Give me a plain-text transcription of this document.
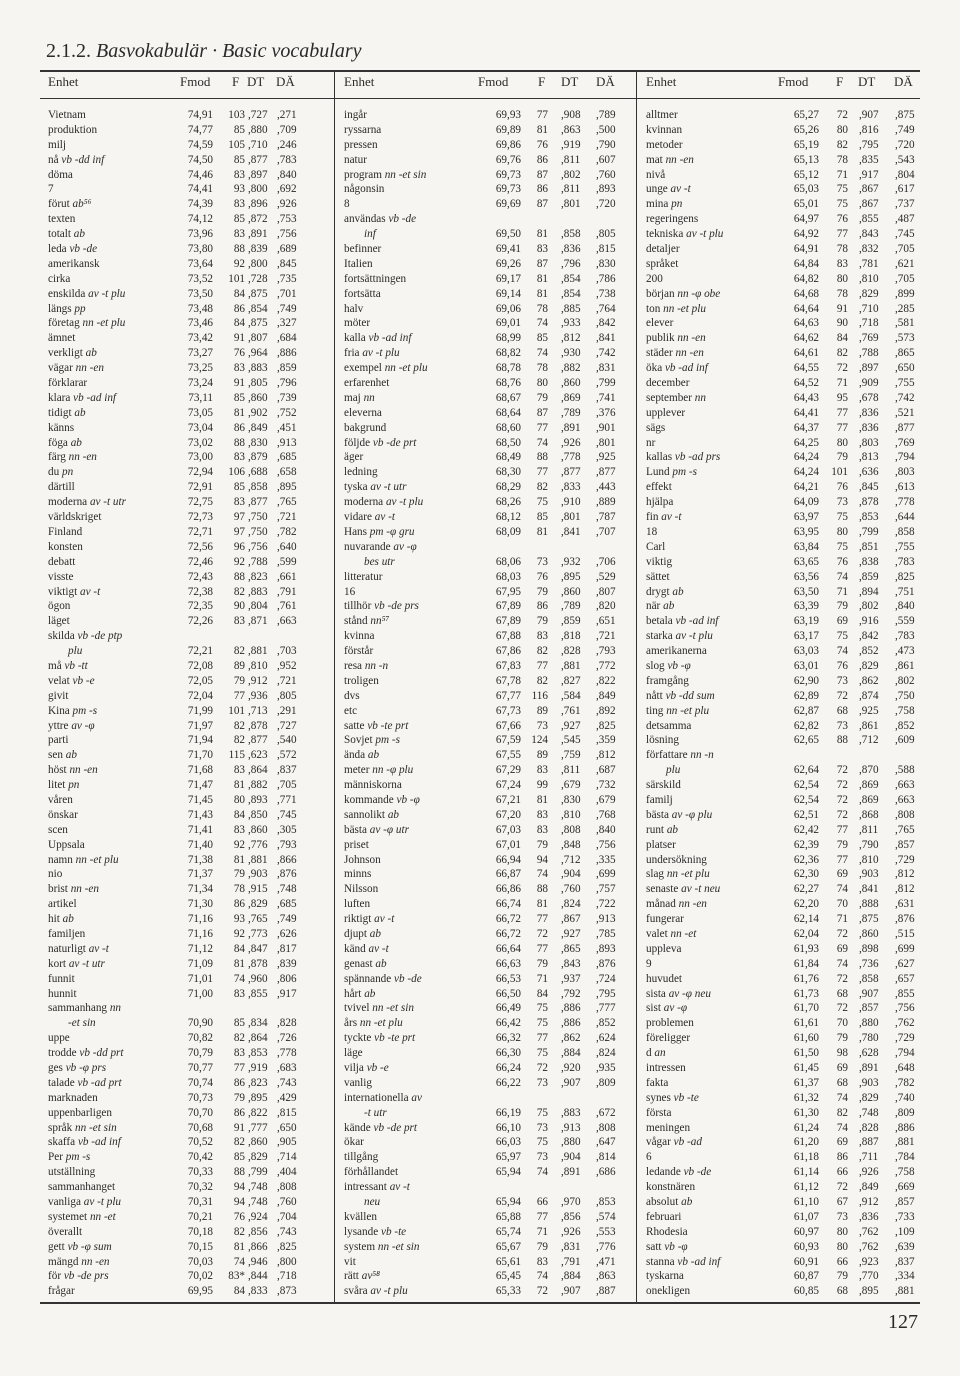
2.1.2. Basvokabulär · Basic vocabulary
Enhet	Fmod F DT DÄ
Vietnam	74,91	103 ,727 ,271
produktion	74,77	85 ,880 ,709
milj	74,59	105 ,710 ,246
nå vb -dd inf	74,50	85 ,877 ,783
döma	74,46	83 ,897 ,840
7	74,41	93 ,800 ,692
förut ab⁵⁶	74,39	83 ,896 ,926
texten	74,12	85 ,872 ,753
totalt ab	73,96	83 ,891 ,756
leda vb -de	73,80	88 ,839 ,689
amerikansk	73,64	92 ,800 ,845
cirka	73,52	101 ,728 ,735
enskilda av -t plu	73,50	84 ,875 ,701
längs pp	73,48	86 ,854 ,749
företag nn -et plu	73,46	84 ,875 ,327
ämnet	73,42	91 ,807 ,684
verkligt ab	73,27	76 ,964 ,886
vägar nn -en	73,25	83 ,883 ,859
förklarar	73,24	91 ,805 ,796
klara vb -ad inf	73,11	85 ,860 ,739
tidigt ab	73,05	81 ,902 ,752
känns	73,04	86 ,849 ,451
föga ab	73,02	88 ,830 ,913
färg nn -en	73,00	83 ,879 ,685
du pn	72,94	106 ,688 ,658
därtill	72,91	85 ,858 ,895
moderna av -t utr	72,75	83 ,877 ,765
världskriget	72,73	97 ,750 ,721
Finland	72,71	97 ,750 ,782
konsten	72,56	96 ,756 ,640
debatt	72,46	92 ,788 ,599
visste	72,43	88 ,823 ,661
viktigt av -t	72,38	82 ,883 ,791
ögon	72,35	90 ,804 ,761
läget	72,26	83 ,871 ,663
skilda vb -de ptp
plu	72,21	82 ,881 ,703
må vb -tt	72,08	89 ,810 ,952
velat vb -e	72,05	79 ,912 ,721
givit	72,04	77 ,936 ,805
Kina pm -s	71,99	101 ,713 ,291
yttre av -φ	71,97	82 ,878 ,727
parti	71,94	82 ,877 ,540
sen ab	71,70	115 ,623 ,572
höst nn -en	71,68	83 ,864 ,837
litet pn	71,47	81 ,882 ,705
våren	71,45	80 ,893 ,771
önskar	71,43	84 ,850 ,745
scen	71,41	83 ,860 ,305
Uppsala	71,40	92 ,776 ,793
namn nn -et plu	71,38	81 ,881 ,866
nio	71,37	79 ,903 ,876
brist nn -en	71,34	78 ,915 ,748
artikel	71,30	86 ,829 ,685
hit ab	71,16	93 ,765 ,749
familjen	71,16	92 ,773 ,626
naturligt av -t	71,12	84 ,847 ,817
kort av -t utr	71,09	81 ,878 ,839
funnit	71,01	74 ,960 ,806
hunnit	71,00	83 ,855 ,917
sammanhang nn
-et sin	70,90	85 ,834 ,828
uppe	70,82	82 ,864 ,726
trodde vb -dd prt	70,79	83 ,853 ,778
ges vb -φ prs	70,77	77 ,919 ,683
talade vb -ad prt	70,74	86 ,823 ,743
marknaden	70,73	79 ,895 ,429
uppenbarligen	70,70	86 ,822 ,815
språk nn -et sin	70,68	91 ,777 ,650
skaffa vb -ad inf	70,52	82 ,860 ,905
Per pm -s	70,42	85 ,829 ,714
utställning	70,33	88 ,799 ,404
sammanhanget	70,32	94 ,748 ,808
vanliga av -t plu	70,31	94 ,748 ,760
systemet nn -et	70,21	76 ,924 ,704
överallt	70,18	82 ,856 ,743
gett vb -φ sum	70,15	81 ,866 ,825
mängd nn -en	70,03	74 ,946 ,800
för vb -de prs	70,02	83* ,844 ,718
frågar	69,95	84 ,833 ,873
Enhet	Fmod F DT DÄ
ingår	69,93	77 ,908 ,789
ryssarna	69,89	81 ,863 ,500
pressen	69,86	76 ,919 ,790
natur	69,76	86 ,811 ,607
program nn -et sin	69,73	87 ,802 ,760
någonsin	69,73	86 ,811 ,893
8	69,69	87 ,801 ,720
användas vb -de
inf	69,50	81 ,858 ,805
befinner	69,41	83 ,836 ,815
Italien	69,26	87 ,796 ,830
fortsättningen	69,17	81 ,854 ,786
fortsätta	69,14	81 ,854 ,738
halv	69,06	78 ,885 ,764
möter	69,01	74 ,933 ,842
kalla vb -ad inf	68,99	85 ,812 ,841
fria av -t plu	68,82	74 ,930 ,742
exempel nn -et plu	68,78	78 ,882 ,831
erfarenhet	68,76	80 ,860 ,799
maj nn	68,67	79 ,869 ,741
eleverna	68,64	87 ,789 ,376
bakgrund	68,60	77 ,891 ,901
följde vb -de prt	68,50	74 ,926 ,801
äger	68,49	88 ,778 ,925
ledning	68,30	77 ,877 ,877
tyska av -t utr	68,29	82 ,833 ,443
moderna av -t plu	68,26	75 ,910 ,889
vidare av -t	68,12	85 ,801 ,787
Hans pm -φ gru	68,09	81 ,841 ,707
nuvarande av -φ
bes utr	68,06	73 ,932 ,706
litteratur	68,03	76 ,895 ,529
16	67,95	79 ,860 ,807
tillhör vb -de prs	67,89	86 ,789 ,820
stånd nn⁵⁷	67,89	79 ,859 ,651
kvinna	67,88	83 ,818 ,721
förstår	67,86	82 ,828 ,793
resa nn -n	67,83	77 ,881 ,772
troligen	67,78	82 ,827 ,822
dvs	67,77 116 ,584 ,849
etc	67,73	89 ,761 ,892
satte vb -te prt	67,66	73 ,927 ,825
Sovjet pm -s	67,59 124 ,545 ,359
ända ab	67,55	89 ,759 ,812
meter nn -φ plu	67,29	83 ,811 ,687
människorna	67,24	99 ,679 ,732
kommande vb -φ	67,21	81 ,830 ,679
sannolikt ab	67,20	83 ,810 ,768
bästa av -φ utr	67,03	83 ,808 ,840
priset	67,01	79 ,848 ,756
Johnson	66,94	94 ,712 ,335
minns	66,87	74 ,904 ,699
Nilsson	66,86	88 ,760 ,757
luften	66,74	81 ,824 ,722
riktigt av -t	66,72	77 ,867 ,913
djupt ab	66,72	72 ,927 ,785
känd av -t	66,64	77 ,865 ,893
genast ab	66,63	79 ,843 ,876
spännande vb -de	66,53	71 ,937 ,724
hårt ab	66,50	84 ,792 ,795
tvivel nn -et sin	66,49	75 ,886 ,777
års nn -et plu	66,42	75 ,886 ,852
tyckte vb -te prt	66,32	77 ,862 ,624
läge	66,30	75 ,884 ,824
vilja vb -e	66,24	72 ,920 ,935
vanlig	66,22	73 ,907 ,809
internationella av
-t utr	66,19	75 ,883 ,672
kände vb -de prt	66,10	73 ,913 ,808
ökar	66,03	75 ,880 ,647
tillgång	65,97	73 ,904 ,814
förhållandet	65,94	74 ,891 ,686
intressant av -t
neu	65,94	66 ,970 ,853
kvällen	65,88	77 ,856 ,574
lysande vb -te	65,74	71 ,926 ,553
system nn -et sin	65,67	79 ,831 ,776
vit	65,61	83 ,791 ,471
rätt av⁵⁸	65,45	74 ,884 ,863
svåra av -t plu	65,33	72 ,907 ,887
Enhet	Fmod F DT DÄ
alltmer	65,27	72 ,907 ,875
kvinnan	65,26	80 ,816 ,749
metoder	65,19	82 ,795 ,720
mat nn -en	65,13	78 ,835 ,543
nivå	65,12	71 ,917 ,804
unge av -t	65,03	75 ,867 ,617
mina pn	65,01	75 ,867 ,737
regeringens	64,97	76 ,855 ,487
tekniska av -t plu	64,92	77 ,843 ,745
detaljer	64,91	78 ,832 ,705
språket	64,84	83 ,781 ,621
200	64,82	80 ,810 ,705
början nn -φ obe	64,68	78 ,829 ,899
ton nn -et plu	64,64	91 ,710 ,285
elever	64,63	90 ,718 ,581
publik nn -en	64,62	84 ,769 ,573
städer nn -en	64,61	82 ,788 ,865
öka vb -ad inf	64,55	72 ,897 ,650
december	64,52	71 ,909 ,755
september nn	64,43	95 ,678 ,742
upplever	64,41	77 ,836 ,521
sägs	64,37	77 ,836 ,877
nr	64,25	80 ,803 ,769
kallas vb -ad prs	64,24	79 ,813 ,794
Lund pm -s	64,24	101 ,636 ,803
effekt	64,21	76 ,845 ,613
hjälpa	64,09	73 ,878 ,778
fin av -t	63,97	75 ,853 ,644
18	63,95	80 ,799 ,858
Carl	63,84	75 ,851 ,755
viktig	63,65	76 ,838 ,783
sättet	63,56	74 ,859 ,825
drygt ab	63,50	71 ,894 ,751
när ab	63,39	79 ,802 ,840
betala vb -ad inf	63,19	69 ,916 ,559
starka av -t plu	63,17	75 ,842 ,783
amerikanerna	63,03	74 ,852 ,473
slog vb -φ	63,01	76 ,829 ,861
framgång	62,90	73 ,862 ,802
nått vb -dd sum	62,89	72 ,874 ,750
ting nn -et plu	62,87	68 ,925 ,758
detsamma	62,82	73 ,861 ,852
lösning	62,65	88 ,712 ,609
författare nn -n
plu	62,64	72 ,870 ,588
särskild	62,54	72 ,869 ,663
familj	62,54	72 ,869 ,663
bästa av -φ plu	62,51	72 ,868 ,808
runt ab	62,42	77 ,811 ,765
platser	62,39	79 ,790 ,857
undersökning	62,36	77 ,810 ,729
slag nn -et plu	62,30	69 ,903 ,812
senaste av -t neu	62,27	74 ,841 ,812
månad nn -en	62,20	70 ,888 ,631
fungerar	62,14	71 ,875 ,876
valet nn -et	62,04	72 ,860 ,515
uppleva	61,93	69 ,898 ,699
9	61,84	74 ,736 ,627
huvudet	61,76	72 ,858 ,657
sista av -φ neu	61,73	68 ,907 ,855
sist av -φ	61,70	72 ,857 ,756
problemen	61,61	70 ,880 ,762
föreligger	61,60	79 ,780 ,729
d an	61,50	98 ,628 ,794
intressen	61,45	69 ,891 ,648
fakta	61,37	68 ,903 ,782
synes vb -te	61,32	74 ,829 ,740
första	61,30	82 ,748 ,809
meningen	61,24	74 ,828 ,886
vågar vb -ad	61,20	69 ,887 ,881
6	61,18	86 ,711 ,784
ledande vb -de	61,14	66 ,926 ,758
konstnären	61,12	72 ,849 ,669
absolut ab	61,10	67 ,912 ,857
februari	61,07	73 ,836 ,733
Rhodesia	60,97	80 ,762 ,109
satt vb -φ	60,93	80 ,762 ,639
stanna vb -ad inf	60,91	66 ,923 ,837
tyskarna	60,87	79 ,770 ,334
onekligen	60,85	68 ,895 ,881
127
